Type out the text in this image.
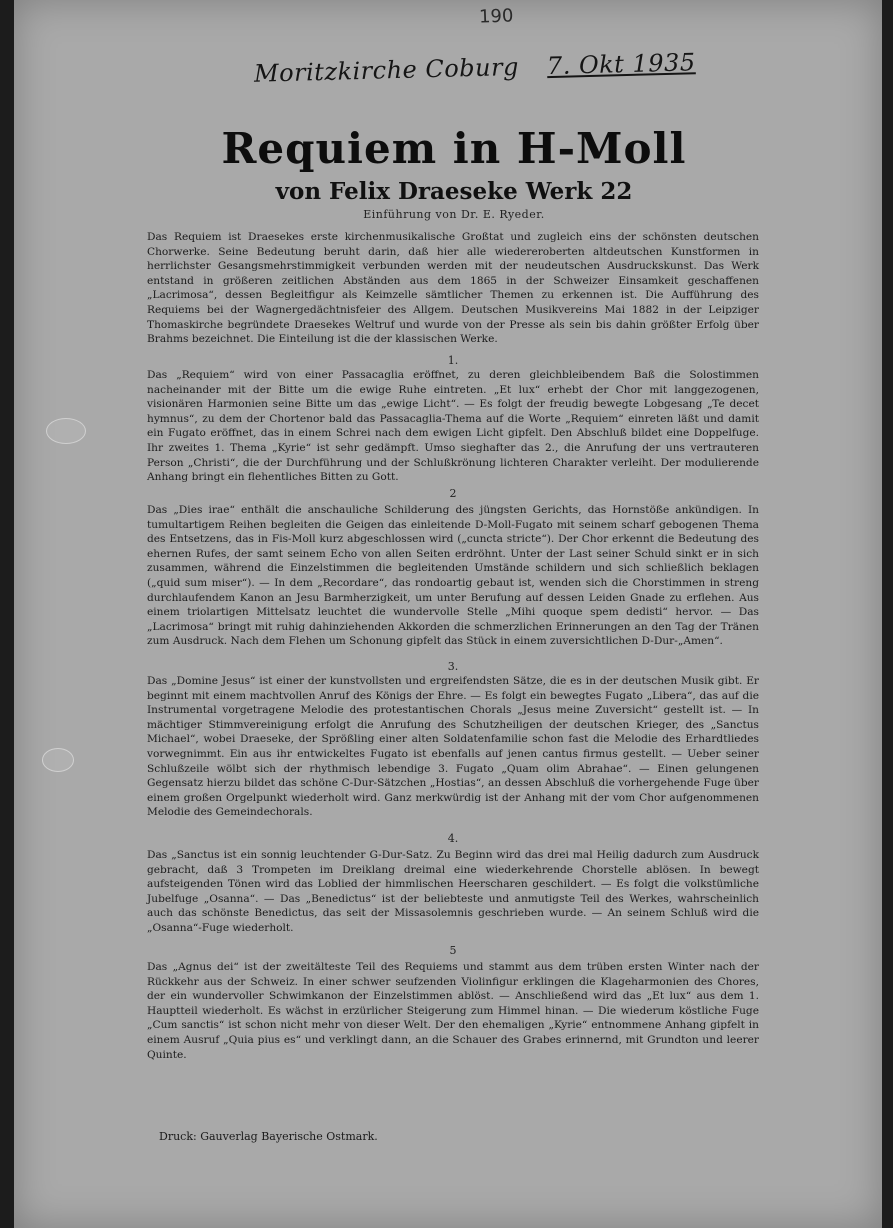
190
Moritzkirche Coburg 7. Okt 1935
Requiem in H-Moll
von Felix Draeseke Werk 22
Einführung von Dr. E. Ryeder.

Das Requiem ist Draesekes erste kirchenmusikalische Großtat und zugleich eins der schönsten deutschen Chorwerke. Seine Bedeutung beruht darin, daß hier alle wiedereroberten altdeutschen Kunstformen in herrlichster Gesangsmehrstimmigkeit verbunden werden mit der neudeutschen Ausdruckskunst. Das Werk entstand in größeren zeitlichen Abständen aus dem 1865 in der Schweizer Einsamkeit geschaffenen „Lacrimosa“, dessen Begleitfigur als Keimzelle sämtlicher Themen zu erkennen ist. Die Aufführung des Requiems bei der Wagnergedächtnisfeier des Allgem. Deutschen Musikvereins Mai 1882 in der Leipziger Thomaskirche begründete Draesekes Weltruf und wurde von der Presse als sein bis dahin größter Erfolg über Brahms bezeichnet. Die Einteilung ist die der klassischen Werke.

1.

Das „Requiem“ wird von einer Passacaglia eröffnet, zu deren gleichbleibendem Baß die Solostimmen nacheinander mit der Bitte um die ewige Ruhe eintreten. „Et lux“ erhebt der Chor mit langgezogenen, visionären Harmonien seine Bitte um das „ewige Licht“. — Es folgt der freudig bewegte Lobgesang „Te decet hymnus“, zu dem der Chortenor bald das Passacaglia-Thema auf die Worte „Requiem“ einreten läßt und damit ein Fugato eröffnet, das in einem Schrei nach dem ewigen Licht gipfelt. Den Abschluß bildet eine Doppelfuge. Ihr zweites 1. Thema „Kyrie“ ist sehr gedämpft. Umso sieghafter das 2., die Anrufung der uns vertrauteren Person „Christi“, die der Durchführung und der Schlußkrönung lichteren Charakter verleiht. Der modulierende Anhang bringt ein flehentliches Bitten zu Gott.

2

Das „Dies irae“ enthält die anschauliche Schilderung des jüngsten Gerichts, das Hornstöße ankündigen. In tumultartigem Reihen begleiten die Geigen das einleitende D-Moll-Fugato mit seinem scharf gebogenen Thema des Entsetzens, das in Fis-Moll kurz abgeschlossen wird („cuncta stricte“). Der Chor erkennt die Bedeutung des ehernen Rufes, der samt seinem Echo von allen Seiten erdröhnt. Unter der Last seiner Schuld sinkt er in sich zusammen, während die Einzelstimmen die begleitenden Umstände schildern und sich schließlich beklagen („quid sum miser“). — In dem „Recordare“, das rondoartig gebaut ist, wenden sich die Chorstimmen in streng durchlaufendem Kanon an Jesu Barmherzigkeit, um unter Berufung auf dessen Leiden Gnade zu erflehen. Aus einem triolartigen Mittelsatz leuchtet die wundervolle Stelle „Mihi quoque spem dedisti“ hervor. — Das „Lacrimosa“ bringt mit ruhig dahinziehenden Akkorden die schmerzlichen Erinnerungen an den Tag der Tränen zum Ausdruck. Nach dem Flehen um Schonung gipfelt das Stück in einem zuversichtlichen D-Dur-„Amen“.

3.

Das „Domine Jesus“ ist einer der kunstvollsten und ergreifendsten Sätze, die es in der deutschen Musik gibt. Er beginnt mit einem machtvollen Anruf des Königs der Ehre. — Es folgt ein bewegtes Fugato „Libera“, das auf die Instrumental vorgetragene Melodie des protestantischen Chorals „Jesus meine Zuversicht“ gestellt ist. — In mächtiger Stimmvereinigung erfolgt die Anrufung des Schutzheiligen der deutschen Krieger, des „Sanctus Michael“, wobei Draeseke, der Sprößling einer alten Soldatenfamilie schon fast die Melodie des Erhardtliedes vorwegnimmt. Ein aus ihr entwickeltes Fugato ist ebenfalls auf jenen cantus firmus gestellt. — Ueber seiner Schlußzeile wölbt sich der rhythmisch lebendige 3. Fugato „Quam olim Abrahae“. — Einen gelungenen Gegensatz hierzu bildet das schöne C-Dur-Sätzchen „Hostias“, an dessen Abschluß die vorhergehende Fuge über einem großen Orgelpunkt wiederholt wird. Ganz merkwürdig ist der Anhang mit der vom Chor aufgenommenen Melodie des Gemeindechorals.

4.

Das „Sanctus ist ein sonnig leuchtender G-Dur-Satz. Zu Beginn wird das drei mal Heilig dadurch zum Ausdruck gebracht, daß 3 Trompeten im Dreiklang dreimal eine wiederkehrende Chorstelle ablösen. In bewegt aufsteigenden Tönen wird das Loblied der himmlischen Heerscharen geschildert. — Es folgt die volkstümliche Jubelfuge „Osanna“. — Das „Benedictus“ ist der beliebteste und anmutigste Teil des Werkes, wahrscheinlich auch das schönste Benedictus, das seit der Missasolemnis geschrieben wurde. — An seinem Schluß wird die „Osanna“-Fuge wiederholt.

5

Das „Agnus dei“ ist der zweitälteste Teil des Requiems und stammt aus dem trüben ersten Winter nach der Rückkehr aus der Schweiz. In einer schwer seufzenden Violinfigur erklingen die Klageharmonien des Chores, der ein wundervoller Schwimkanon der Einzelstimmen ablöst. — Anschließend wird das „Et lux“ aus dem 1. Hauptteil wiederholt. Es wächst in erzürlicher Steigerung zum Himmel hinan. — Die wiederum köstliche Fuge „Cum sanctis“ ist schon nicht mehr von dieser Welt. Der den ehemaligen „Kyrie“ entnommene Anhang gipfelt in einem Ausruf „Quia pius es“ und verklingt dann, an die Schauer des Grabes erinnernd, mit Grundton und leerer Quinte.

Druck: Gauverlag Bayerische Ostmark.
